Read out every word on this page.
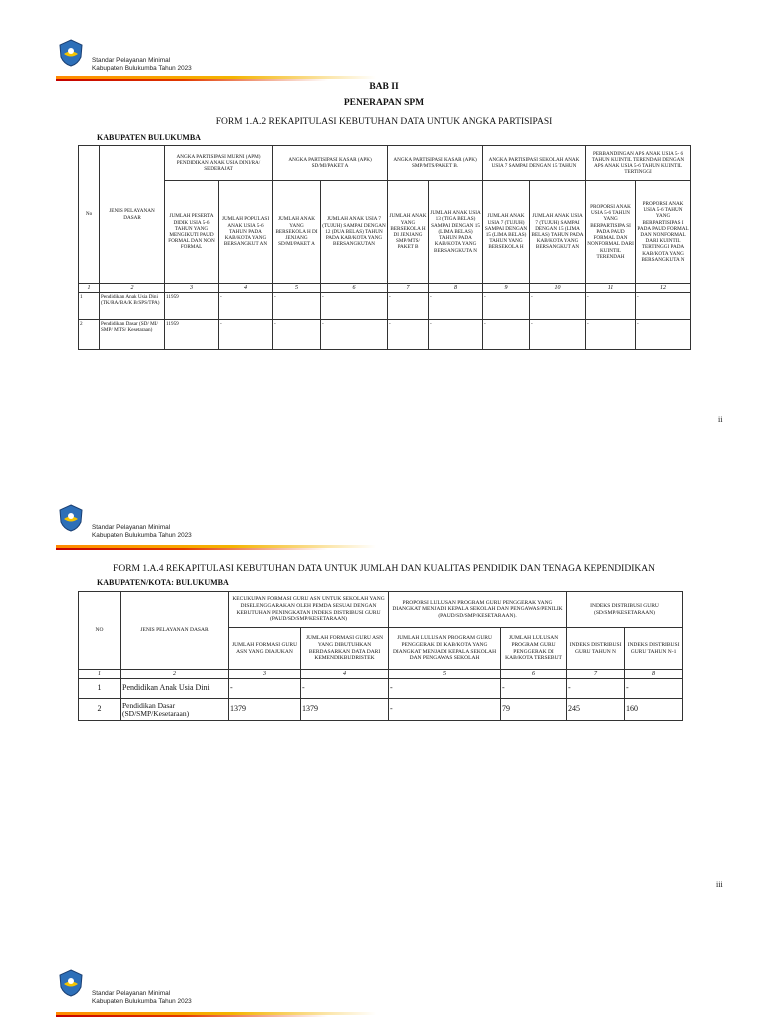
Standar Pelayanan Minimal
Kabupaten Bulukumba Tahun 2023
BAB II
PENERAPAN SPM
FORM 1.A.2 REKAPITULASI KEBUTUHAN DATA UNTUK ANGKA PARTISIPASI
KABUPATEN BULUKUMBA
No	JENIS PELAYANAN DASAR	ANGKA PARTISIPASI MURNI (APM) PENDIDIKAN ANAK USIA DINI/RA/ SEDERAJAT		ANGKA PARTISIPASI KASAR (APK) SD/MI/PAKET A		ANGKA PARTISIPASI KASAR (APK) SMP/MTS/PAKET B.		ANGKA PARTISIPASI SEKOLAH ANAK USIA 7 SAMPAI DENGAN 15 TAHUN		PERBANDINGAN APS ANAK USIA 5- 6 TAHUN KUINTIL TERENDAH DENGAN APS ANAK USIA 5-6 TAHUN KUINTIL TERTINGGI	
		JUMLAH PESERTA DIDIK USIA 5-6 TAHUN YANG MENGIKUTI PAUD FORMAL DAN NON FORMAL	JUMLAH POPULASI ANAK USIA 5-6 TAHUN PADA KAB/KOTA YANG BERSANGKUT AN	JUMLAH ANAK YANG BERSEKOLA H DI JENJANG SD/MI/PAKET A	JUMLAH ANAK USIA 7 (TUJUH) SAMPAI DENGAN 12 (DUA BELAS) TAHUN PADA KAB/KOTA YANG BERSANGKUTAN	JUMLAH ANAK YANG BERSEKOLA H DI JENJANG SMP/MTS/ PAKET B	JUMLAH ANAK USIA 13 (TIGA BELAS) SAMPAI DENGAN 15 (LIMA BELAS) TAHUN PADA KAB/KOTA YANG BERSANGKUTA N	JUMLAH ANAK USIA 7 (TUJUH) SAMPAI DENGAN 15 (LIMA BELAS) TAHUN YANG BERSEKOLA H	JUMLAH ANAK USIA 7 (TUJUH) SAMPAI DENGAN 15 (LIMA BELAS) TAHUN PADA KAB/KOTA YANG BERSANGKUT AN	PROPORSI ANAK USIA 5-6 TAHUN YANG BERPARTISIPA SI PADA PAUD FORMAL DAN NONFORMAL DARI KUINTIL TERENDAH	PROPORSI ANAK USIA 5-6 TAHUN YANG BERPARTISIPAS I PADA PAUD FORMAL DAN NONFORMAL DARI KUINTIL TERTINGGI PADA KAB/KOTA YANG BERSANGKUTA N
1	2	3	4	5	6	7	8	9	10	11	12
1	Pendidikan Anak Usia Dini (TK/RA/BA/K B/SPS/TPA)	11959	-	-	-	-	-	-	-	-	-
2	Pendidikan Dasar (SD/ MI/ SMP/ MTS/ Kesetaraan)	11959	-	-	-	-	-	-	-	-	-
ii
Standar Pelayanan Minimal
Kabupaten Bulukumba Tahun 2023
FORM 1.A.4 REKAPITULASI KEBUTUHAN DATA UNTUK JUMLAH DAN KUALITAS PENDIDIK DAN TENAGA KEPENDIDIKAN
KABUPATEN/KOTA: BULUKUMBA
NO	JENIS PELAYANAN DASAR	KECUKUPAN FORMASI GURU ASN UNTUK SEKOLAH YANG DISELENGGARAKAN OLEH PEMDA SESUAI DENGAN KEBUTUHAN PENINGKATAN INDEKS DISTRIBUSI GURU (PAUD/SD/SMP/KESETARAAN)		PROPORSI LULUSAN PROGRAM GURU PENGGERAK YANG DIANGKAT MENJADI KEPALA SEKOLAH DAN PENGAWAS/PENILIK (PAUD/SD/SMP/KESETARAAN).		INDEKS DISTRIBUSI GURU (SD/SMP/KESETARAAN)	
		JUMLAH FORMASI GURU ASN YANG DIAJUKAN	JUMLAH FORMASI GURU ASN YANG DIBUTUHKAN BERDASARKAN DATA DARI KEMENDIKBUDRISTEK	JUMLAH LULUSAN PROGRAM GURU PENGGERAK DI KAB/KOTA YANG DIANGKAT MENJADI KEPALA SEKOLAH DAN PENGAWAS SEKOLAH	JUMLAH LULUSAN PROGRAM GURU PENGGERAK DI KAB/KOTA TERSEBUT	INDEKS DISTRIBUSI GURU TAHUN N	INDEKS DISTRIBUSI GURU TAHUN N-1
1	2	3	4	5	6	7	8
1	Pendidikan Anak Usia Dini	-	-	-	-	-	-
2	Pendidikan Dasar (SD/SMP/Kesetaraan)	1379	1379	-	79	245	160
iii
Standar Pelayanan Minimal
Kabupaten Bulukumba Tahun 2023
